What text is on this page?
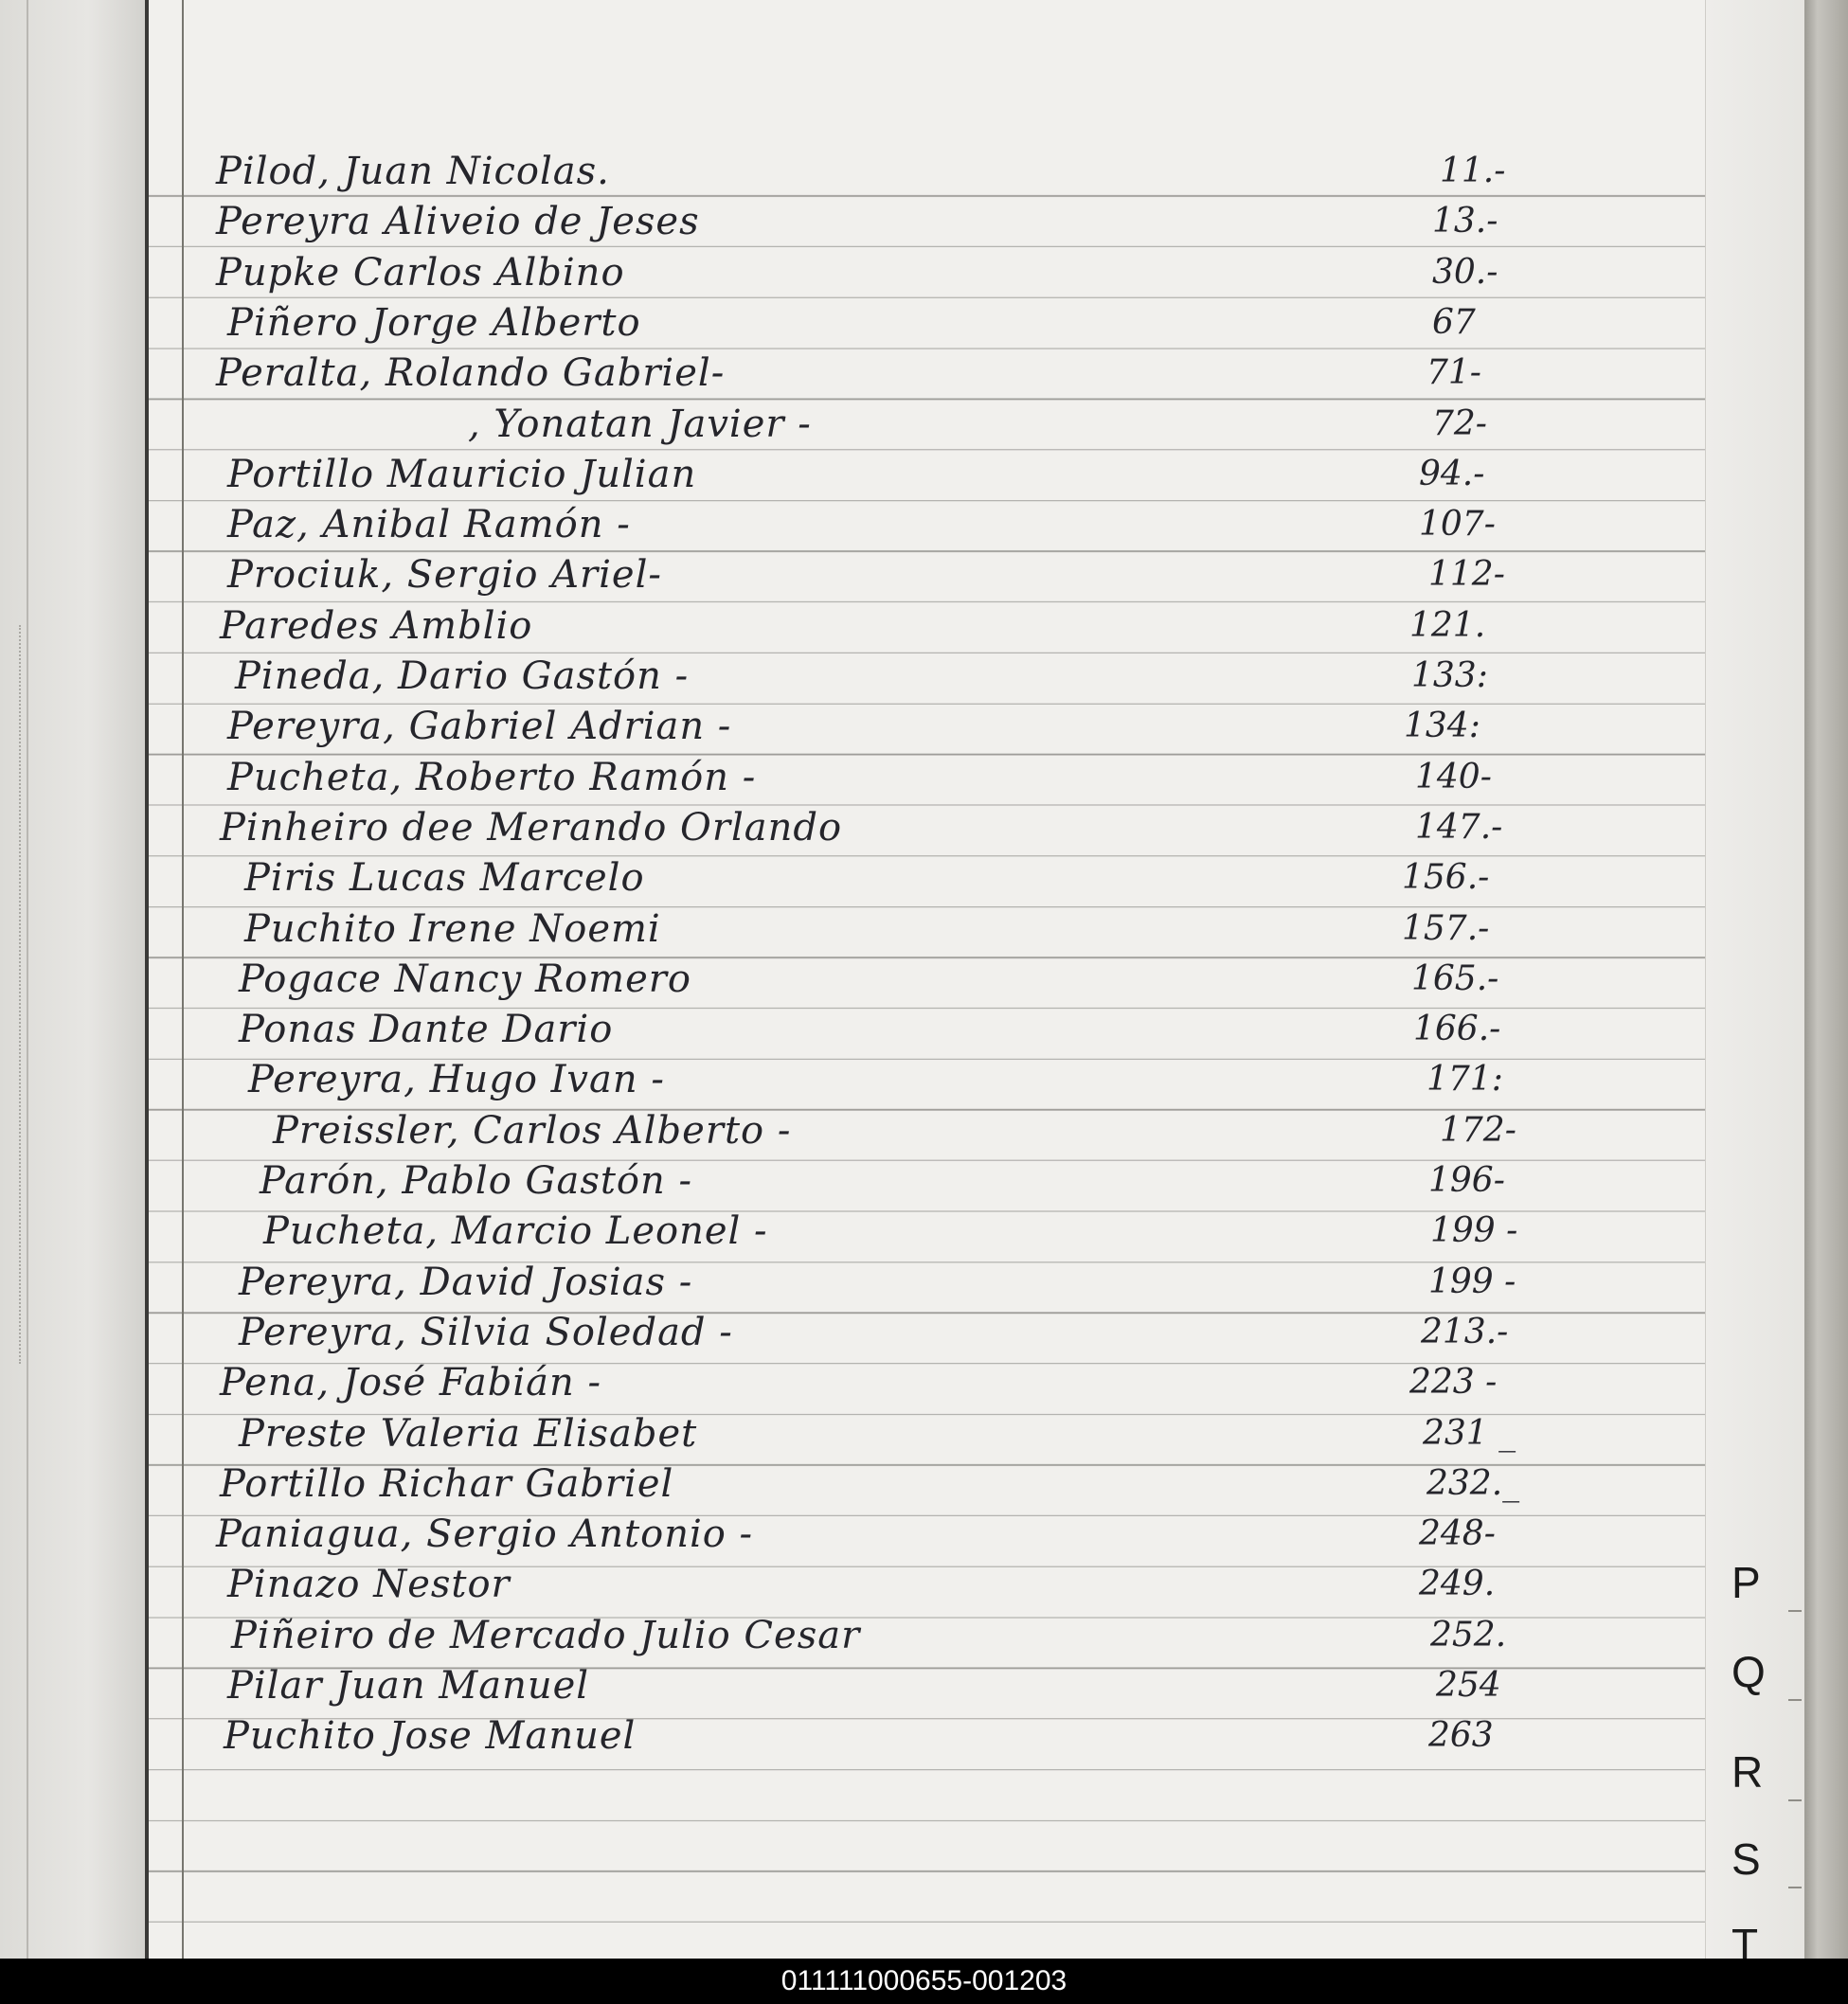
Pilod, Juan Nicolas.	11.-
Pereyra Aliveio de Jeses	13.-
Pupke Carlos Albino	30.-
Piñero Jorge Alberto	67
Peralta, Rolando Gabriel-	71-
, Yonatan Javier -	72-
Portillo Mauricio Julian	94.-
Paz, Anibal Ramón -	107-
Prociuk, Sergio Ariel-	112-
Paredes Amblio	121.
Pineda, Dario Gastón -	133:
Pereyra, Gabriel Adrian -	134:
Pucheta, Roberto Ramón -	140-
Pinheiro dee Merando Orlando	147.-
Piris Lucas Marcelo	156.-
Puchito Irene Noemi	157.-
Pogace Nancy Romero	165.-
Ponas Dante Dario	166.-
Pereyra, Hugo Ivan -	171:
Preissler, Carlos Alberto -	172-
Parón, Pablo Gastón -	196-
Pucheta, Marcio Leonel -	199 -
Pereyra, David Josias -	199 -
Pereyra, Silvia Soledad -	213.-
Pena, José Fabián -	223 -
Preste Valeria Elisabet	231 _
Portillo Richar Gabriel	232._
Paniagua, Sergio Antonio -	248-
Pinazo Nestor	249.
Piñeiro de Mercado Julio Cesar	252.
Pilar Juan Manuel	254
Puchito Jose Manuel	263
P
Q
R
S
T
011111000655-001203
